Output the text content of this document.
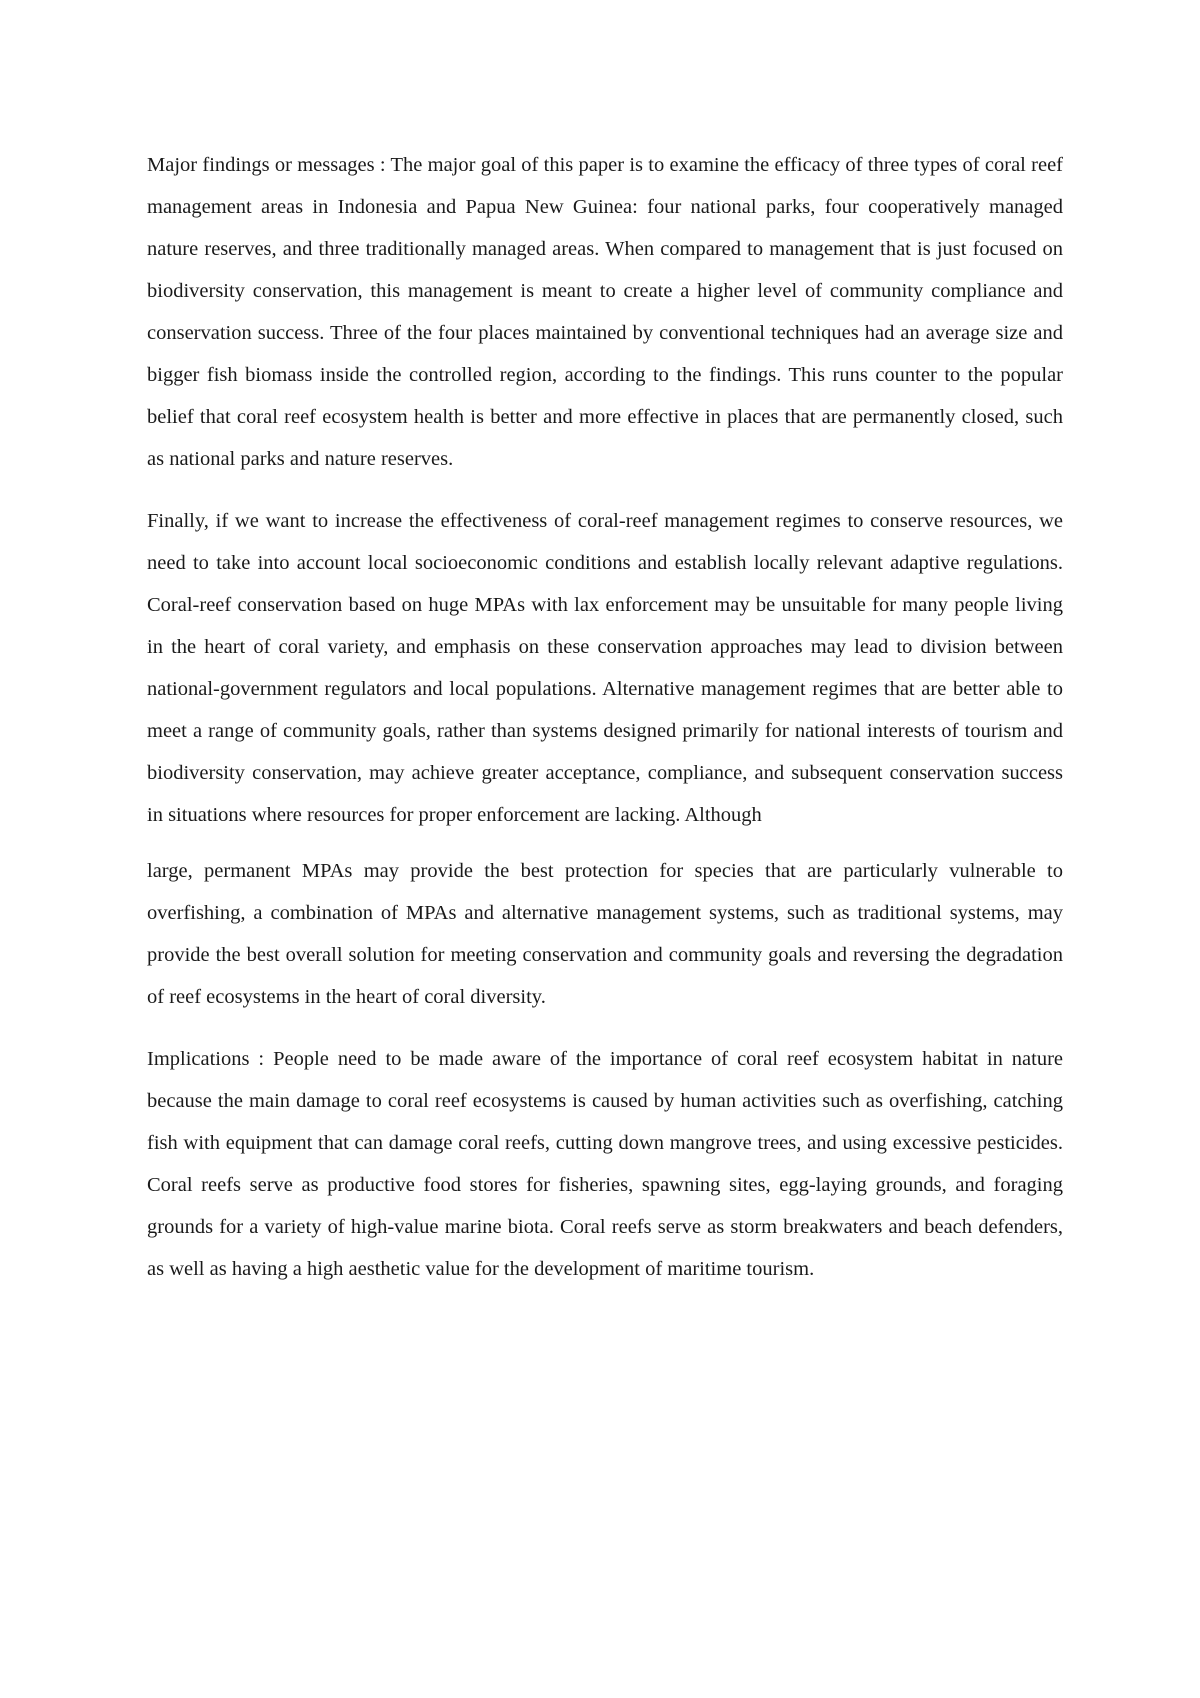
Major findings or messages : The major goal of this paper is to examine the efficacy of three types of coral reef management areas in Indonesia and Papua New Guinea: four national parks, four cooperatively managed nature reserves, and three traditionally managed areas. When compared to management that is just focused on biodiversity conservation, this management is meant to create a higher level of community compliance and conservation success. Three of the four places maintained by conventional techniques had an average size and bigger fish biomass inside the controlled region, according to the findings. This runs counter to the popular belief that coral reef ecosystem health is better and more effective in places that are permanently closed, such as national parks and nature reserves.

Finally, if we want to increase the effectiveness of coral-reef management regimes to conserve resources, we need to take into account local socioeconomic conditions and establish locally relevant adaptive regulations. Coral-reef conservation based on huge MPAs with lax enforcement may be unsuitable for many people living in the heart of coral variety, and emphasis on these conservation approaches may lead to division between national-government regulators and local populations. Alternative management regimes that are better able to meet a range of community goals, rather than systems designed primarily for national interests of tourism and biodiversity conservation, may achieve greater acceptance, compliance, and subsequent conservation success in situations where resources for proper enforcement are lacking. Although

large, permanent MPAs may provide the best protection for species that are particularly vulnerable to overfishing, a combination of MPAs and alternative management systems, such as traditional systems, may provide the best overall solution for meeting conservation and community goals and reversing the degradation of reef ecosystems in the heart of coral diversity.

Implications : People need to be made aware of the importance of coral reef ecosystem habitat in nature because the main damage to coral reef ecosystems is caused by human activities such as overfishing, catching fish with equipment that can damage coral reefs, cutting down mangrove trees, and using excessive pesticides. Coral reefs serve as productive food stores for fisheries, spawning sites, egg-laying grounds, and foraging grounds for a variety of high-value marine biota. Coral reefs serve as storm breakwaters and beach defenders, as well as having a high aesthetic value for the development of maritime tourism.
